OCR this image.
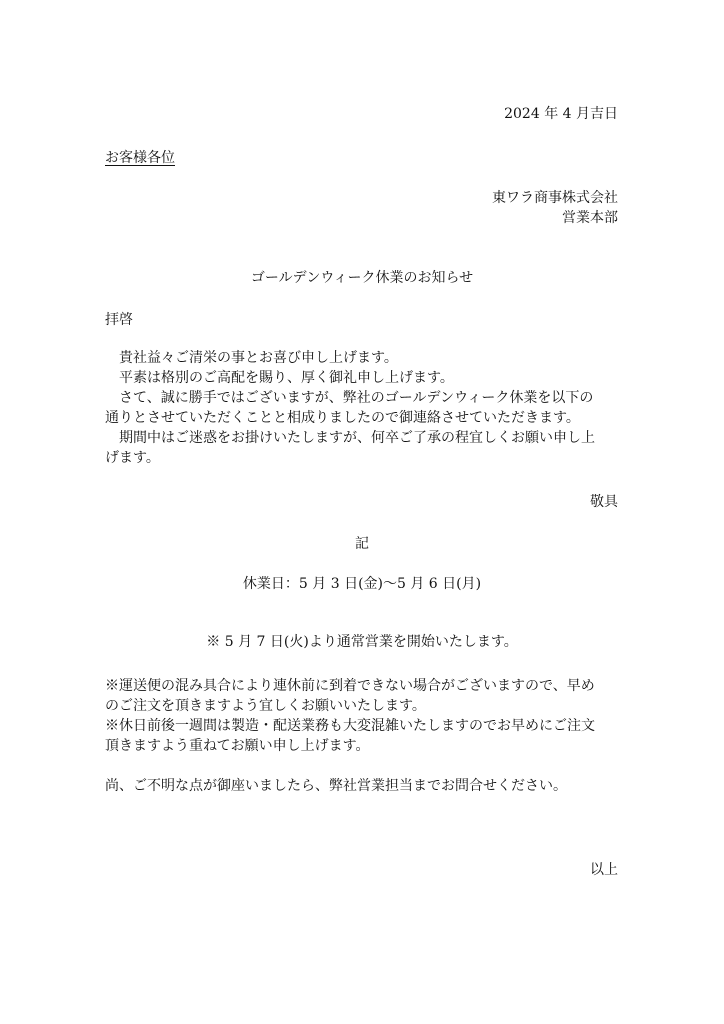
2024 年 4 月吉日
お客様各位
東ワラ商事株式会社
営業本部
ゴールデンウィーク休業のお知らせ
拝啓

　貴社益々ご清栄の事とお喜び申し上げます。

　平素は格別のご高配を賜り、厚く御礼申し上げます。

　さて、誠に勝手ではございますが、弊社のゴールデンウィーク休業を以下の

通りとさせていただくことと相成りましたので御連絡させていただきます。

　期間中はご迷惑をお掛けいたしますが、何卒ご了承の程宜しくお願い申し上

げます。

敬具
記
休業日：5 月 3 日(金)～5 月 6 日(月)
※ 5 月 7 日(火)より通常営業を開始いたします。

※運送便の混み具合により連休前に到着できない場合がございますので、早め

のご注文を頂きますよう宜しくお願いいたします。

※休日前後一週間は製造・配送業務も大変混雑いたしますのでお早めにご注文

頂きますよう重ねてお願い申し上げます。

尚、ご不明な点が御座いましたら、弊社営業担当までお問合せください。
以上
